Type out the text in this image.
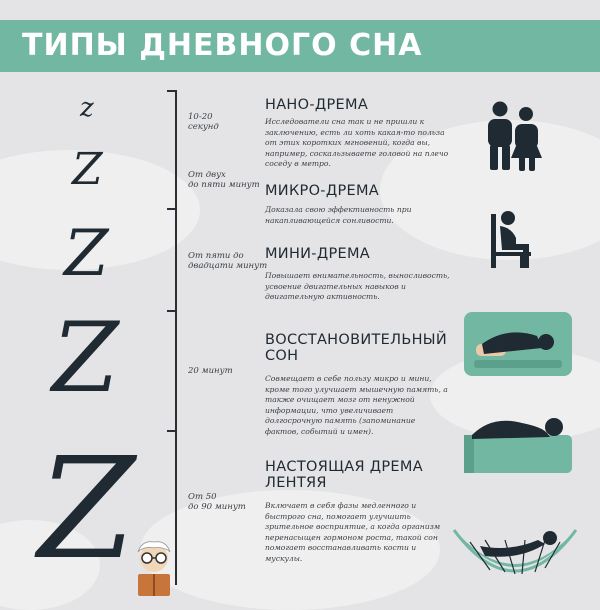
ТИПЫ ДНЕВНОГО СНА
z
Z
Z
Z
Z
10-20
секунд
От двух
до пяти минут
От пяти до
двадцати минут
20 минут
От 50
до 90 минут
НАНО-ДРЕМА
Исследователи сна так и не пришли к заключению, есть ли хоть какая-то польза от этих коротких мгновений, когда вы, например, соскальзываете головой на плечо соседу в метро.
МИКРО-ДРЕМА
Доказала свою эффективность при накапливающейся сонливости.
МИНИ-ДРЕМА
Повышает внимательность, выносливость, усвоение двигательных навыков и двигательную активность.
ВОССТАНОВИТЕЛЬНЫЙ
СОН
Совмещает в себе пользу микро и мини, кроме того улучшает мышечную память, а также очищает мозг от ненужной информации, что увеличивает долгосрочную память (запоминание фактов, событий и имен).
НАСТОЯЩАЯ ДРЕМА
ЛЕНТЯЯ
Включает в себя фазы медленного и быстрого сна, помогает улучшить зрительное восприятие, а когда организм перенасыщен гормоном роста, такой сон помогает восстанавливать кости и мускулы.
